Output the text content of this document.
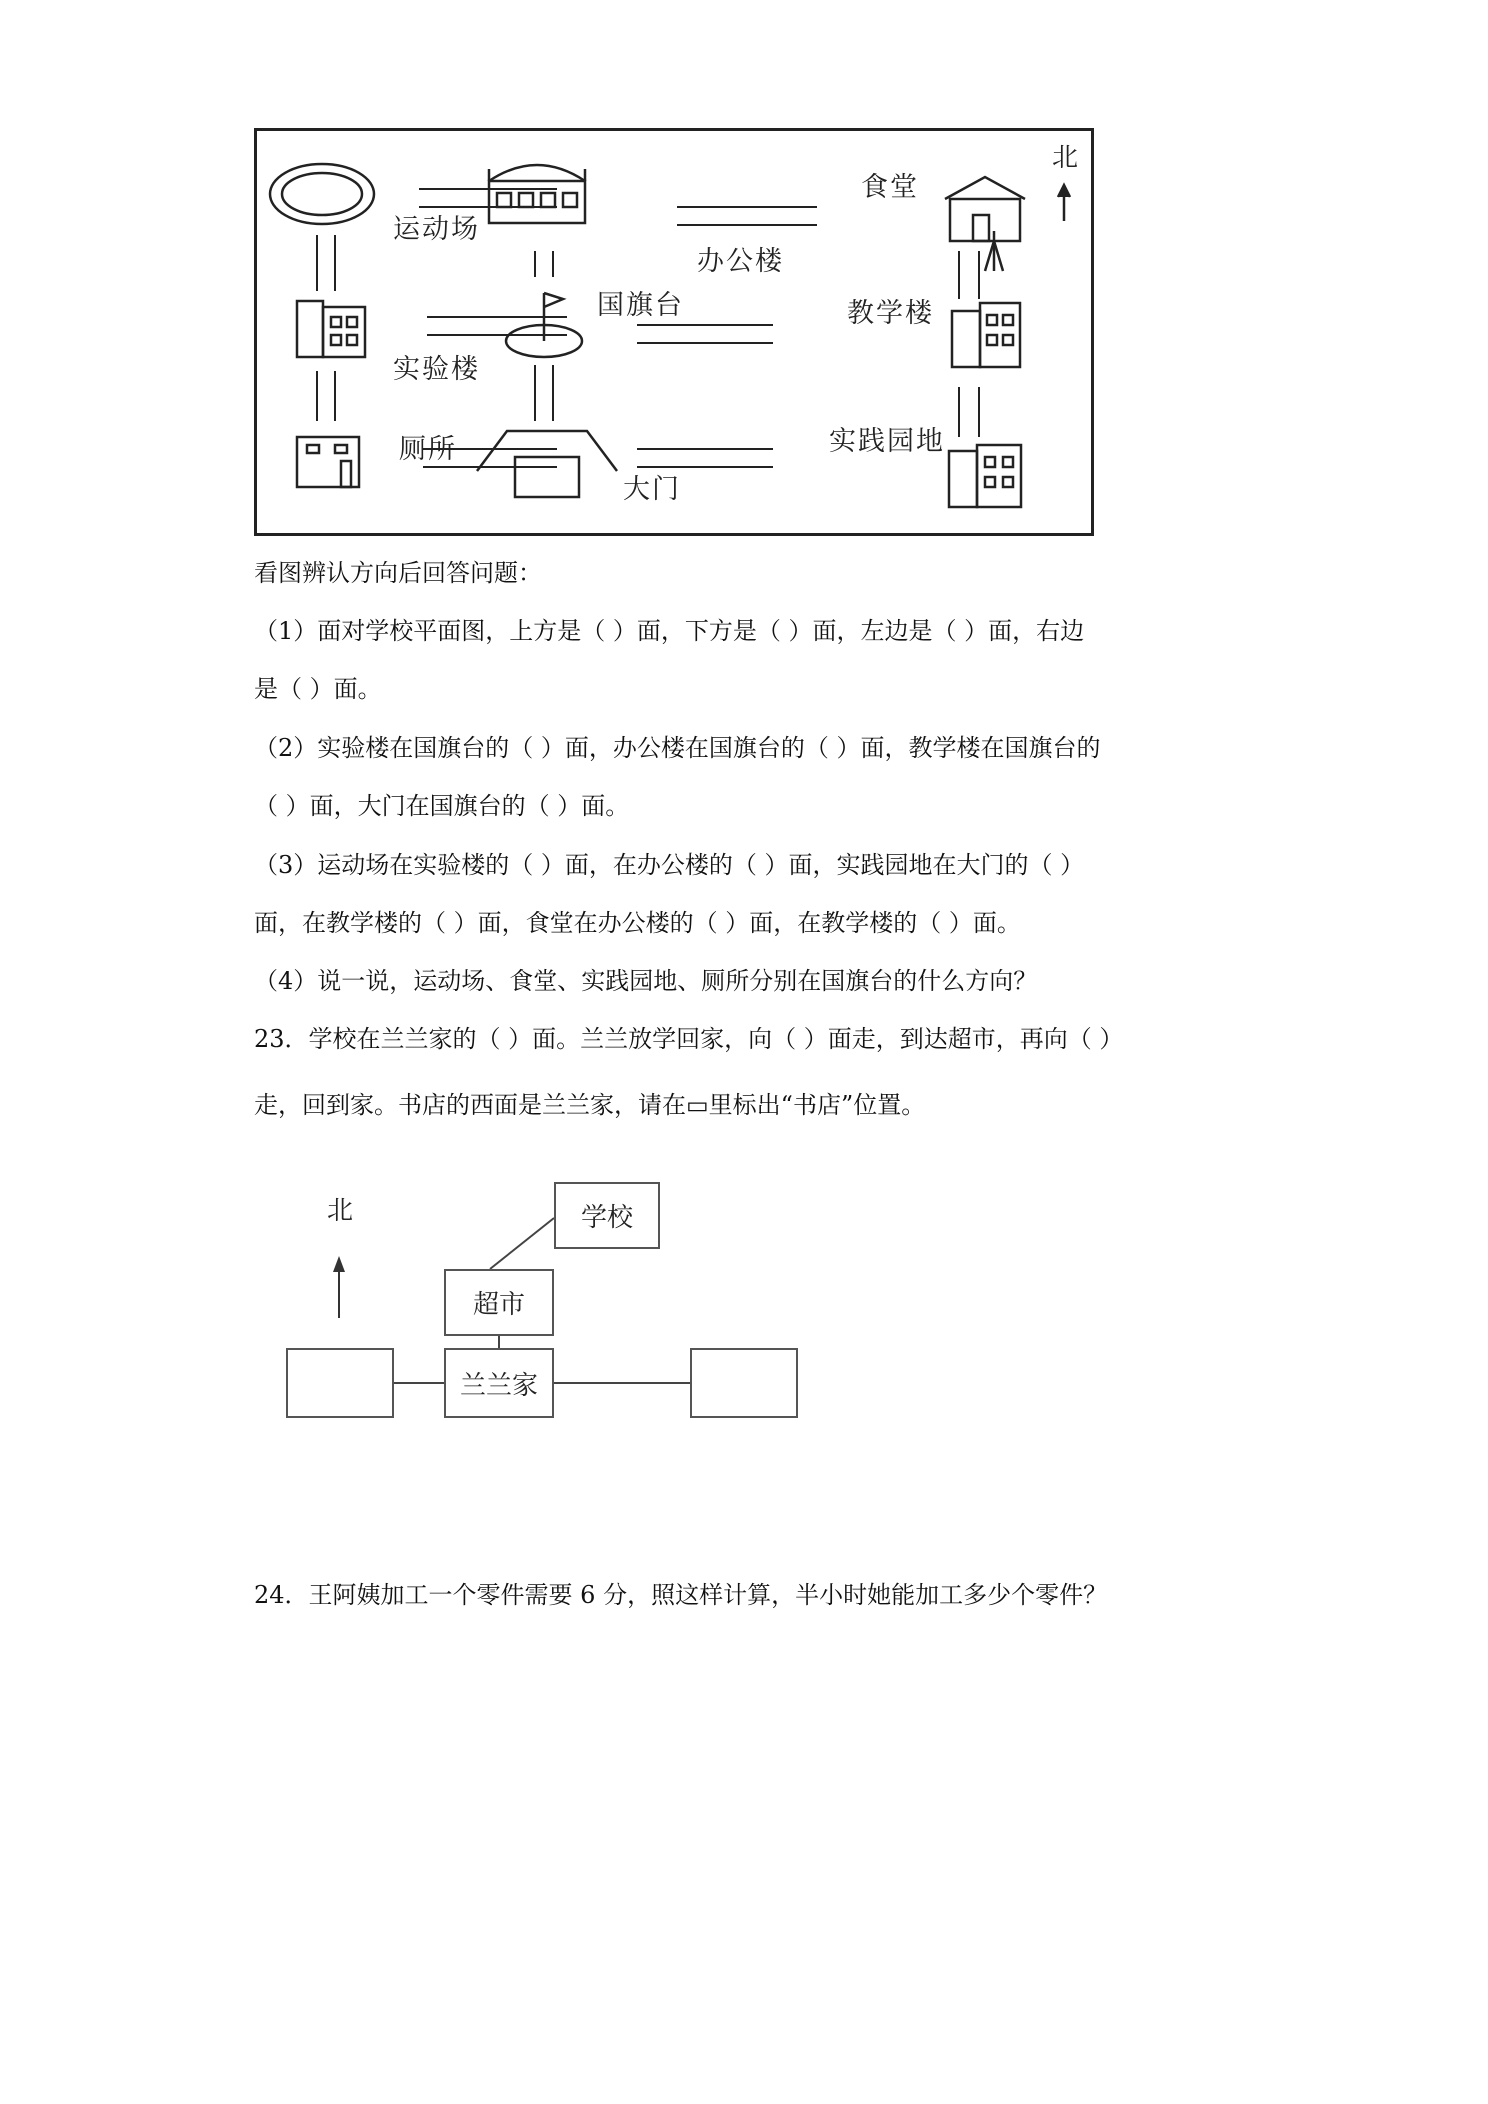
北
运动场
办公楼
食堂
实验楼
国旗台	教学楼
厕所
大门
实践园地
看图辨认方向后回答问题：
（1）面对学校平面图，上方是（ ）面，下方是（ ）面，左边是（ ）面，右边
是（ ）面。
（2）实验楼在国旗台的（ ）面，办公楼在国旗台的（ ）面，教学楼在国旗台的
（ ）面，大门在国旗台的（ ）面。
（3）运动场在实验楼的（ ）面，在办公楼的（ ）面，实践园地在大门的（ ）
面，在教学楼的（ ）面，食堂在办公楼的（ ）面，在教学楼的（ ）面。
（4）说一说，运动场、食堂、实践园地、厕所分别在国旗台的什么方向？
23．学校在兰兰家的（ ）面。兰兰放学回家，向（ ）面走，到达超市，再向（ ）
走，回到家。书店的西面是兰兰家，请在▭里标出“书店”位置。
北	学校
超市
兰兰家
24．王阿姨加工一个零件需要 6 分，照这样计算，半小时她能加工多少个零件？
